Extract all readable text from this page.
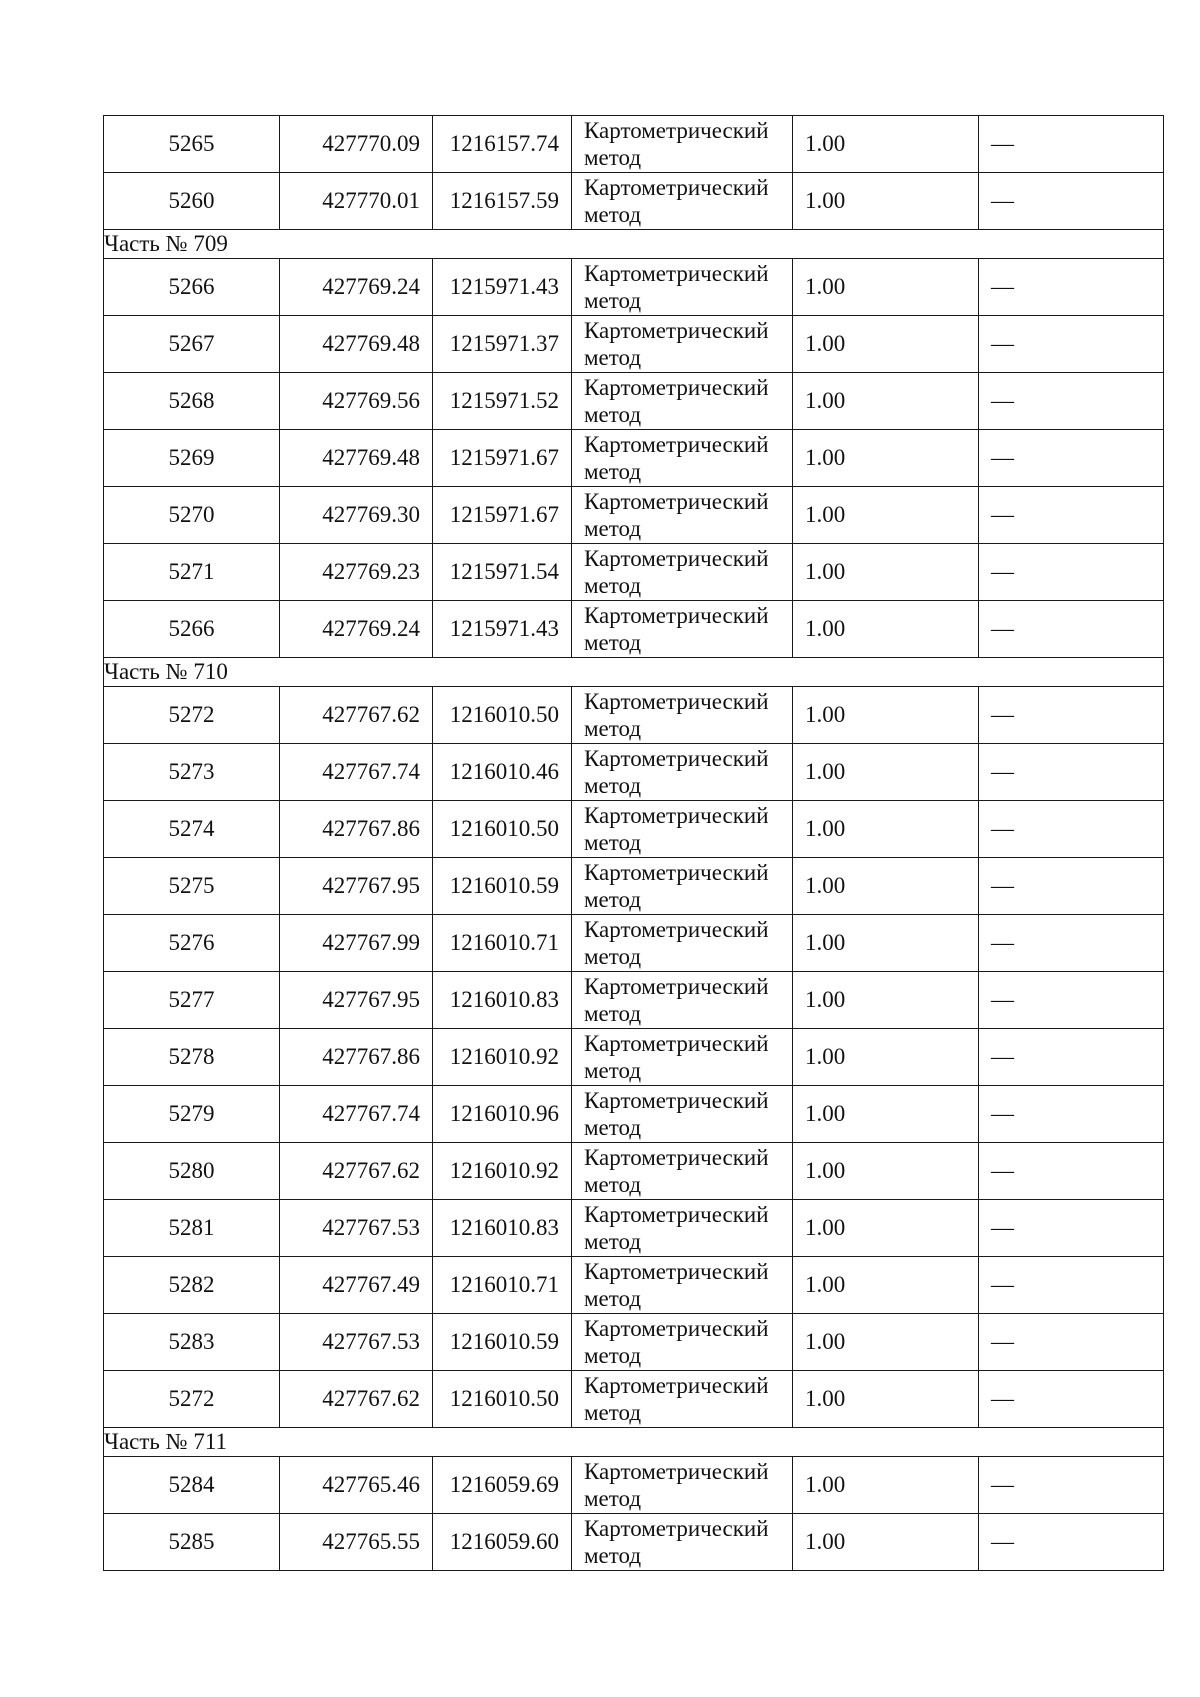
5265	427770.09	1216157.74	Картометрический метод	1.00	—
5260	427770.01	1216157.59	Картометрический метод	1.00	—
Часть № 709					
5266	427769.24	1215971.43	Картометрический метод	1.00	—
5267	427769.48	1215971.37	Картометрический метод	1.00	—
5268	427769.56	1215971.52	Картометрический метод	1.00	—
5269	427769.48	1215971.67	Картометрический метод	1.00	—
5270	427769.30	1215971.67	Картометрический метод	1.00	—
5271	427769.23	1215971.54	Картометрический метод	1.00	—
5266	427769.24	1215971.43	Картометрический метод	1.00	—
Часть № 710					
5272	427767.62	1216010.50	Картометрический метод	1.00	—
5273	427767.74	1216010.46	Картометрический метод	1.00	—
5274	427767.86	1216010.50	Картометрический метод	1.00	—
5275	427767.95	1216010.59	Картометрический метод	1.00	—
5276	427767.99	1216010.71	Картометрический метод	1.00	—
5277	427767.95	1216010.83	Картометрический метод	1.00	—
5278	427767.86	1216010.92	Картометрический метод	1.00	—
5279	427767.74	1216010.96	Картометрический метод	1.00	—
5280	427767.62	1216010.92	Картометрический метод	1.00	—
5281	427767.53	1216010.83	Картометрический метод	1.00	—
5282	427767.49	1216010.71	Картометрический метод	1.00	—
5283	427767.53	1216010.59	Картометрический метод	1.00	—
5272	427767.62	1216010.50	Картометрический метод	1.00	—
Часть № 711					
5284	427765.46	1216059.69	Картометрический метод	1.00	—
5285	427765.55	1216059.60	Картометрический метод	1.00	—
